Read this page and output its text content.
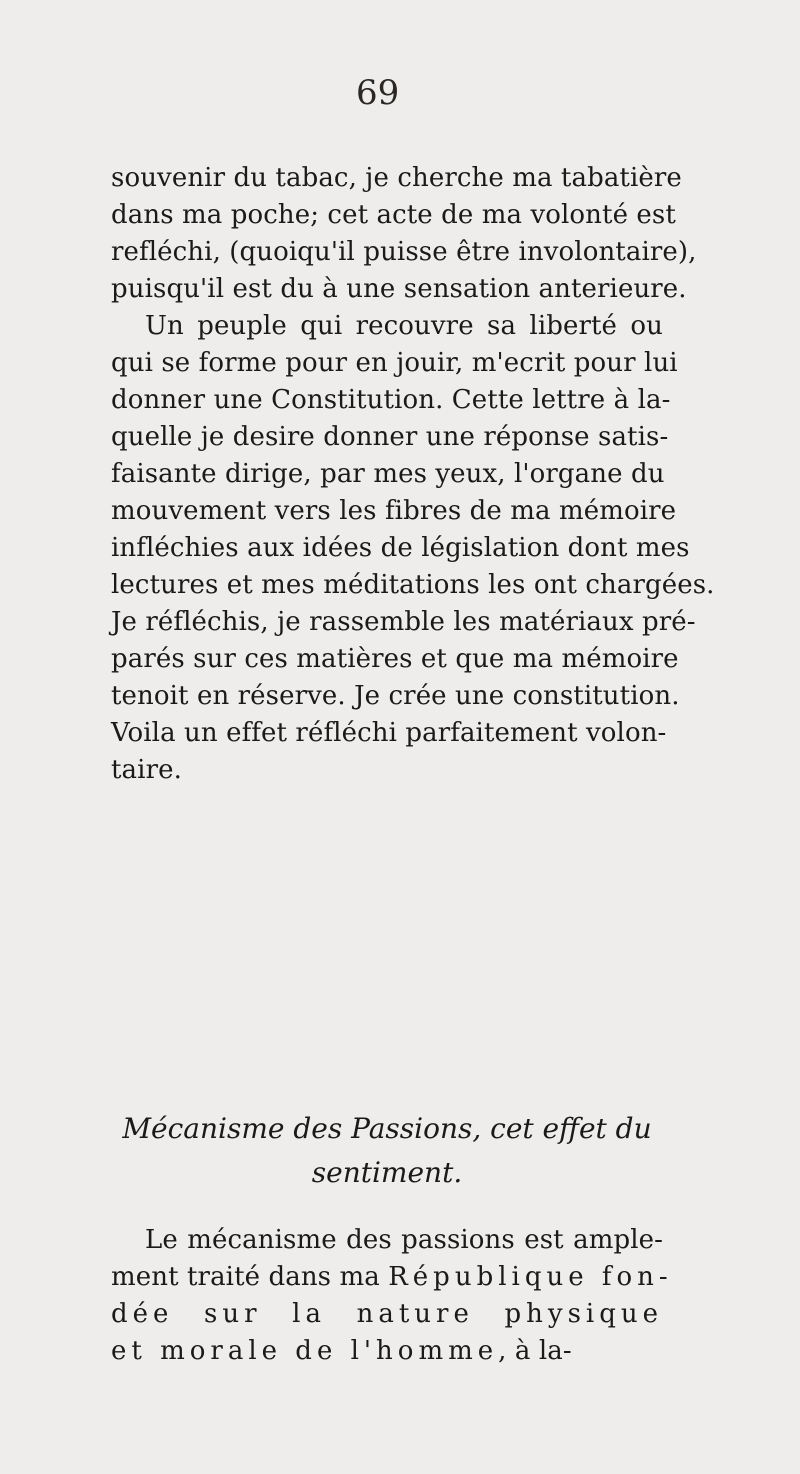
69
souvenir du tabac, je cherche ma tabatière
dans ma poche; cet acte de ma volonté est
refléchi, (quoiqu'il puisse être involontaire),
puisqu'il est du à une sensation anterieure.
Un peuple qui recouvre sa liberté ou
qui se forme pour en jouir, m'ecrit pour lui
donner une Constitution. Cette lettre à la-
quelle je desire donner une réponse satis-
faisante dirige, par mes yeux, l'organe du
mouvement vers les fibres de ma mémoire
infléchies aux idées de législation dont mes
lectures et mes méditations les ont chargées.
Je réfléchis, je rassemble les matériaux pré-
parés sur ces matières et que ma mémoire
tenoit en réserve. Je crée une constitution.
Voila un effet réfléchi parfaitement volon-
taire.
Mécanisme des Passions, cet effet du
sentiment.
Le mécanisme des passions est ample-
ment traité dans ma République fon-
dée sur la nature physique
et morale de l'homme, à la-
